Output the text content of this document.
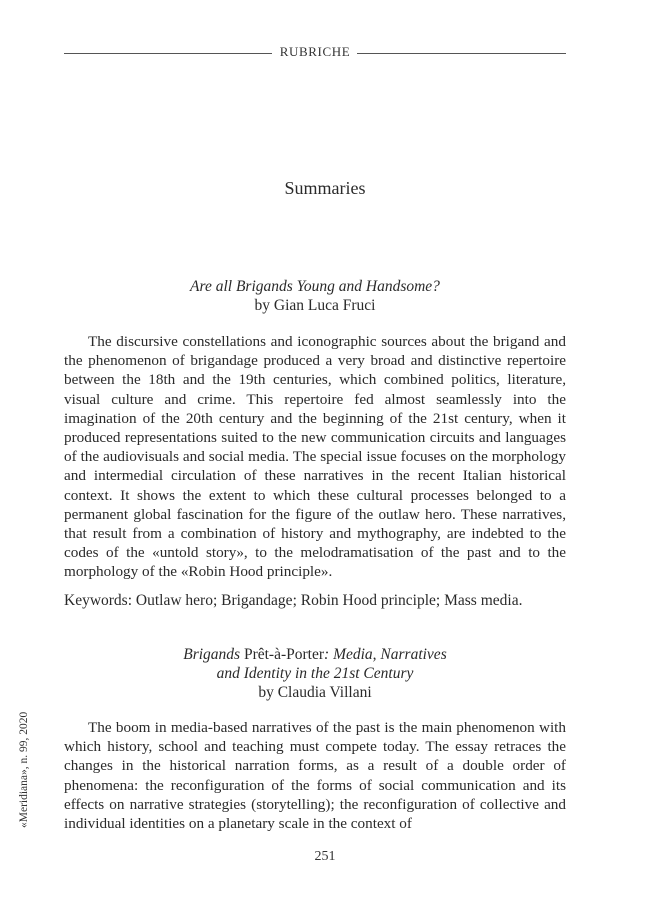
RUBRICHE
Summaries
Are all Brigands Young and Handsome?
by Gian Luca Fruci

The discursive constellations and iconographic sources about the brigand and the phenomenon of brigandage produced a very broad and distinctive repertoire between the 18th and the 19th centuries, which combined politics, literature, visual culture and crime. This repertoire fed almost seamlessly into the imagination of the 20th century and the beginning of the 21st century, when it produced representations suited to the new communication circuits and languages of the audiovisuals and social media. The special issue focuses on the morphology and intermedial circulation of these narratives in the recent Italian historical context. It shows the extent to which these cultural processes belonged to a permanent global fascination for the figure of the outlaw hero. These narratives, that result from a combination of history and mythography, are indebted to the codes of the «untold story», to the melodramatisation of the past and to the morphology of the «Robin Hood principle».

Keywords: Outlaw hero; Brigandage; Robin Hood principle; Mass media.
Brigands Prêt-à-Porter: Media, Narratives
and Identity in the 21st Century
by Claudia Villani

The boom in media-based narratives of the past is the main phenomenon with which history, school and teaching must compete today. The essay retraces the changes in the historical narration forms, as a result of a double order of phenomena: the reconfiguration of the forms of social communication and its effects on narrative strategies (storytelling); the reconfiguration of collective and individual identities on a planetary scale in the context of

«Meridiana», n. 99, 2020
251
